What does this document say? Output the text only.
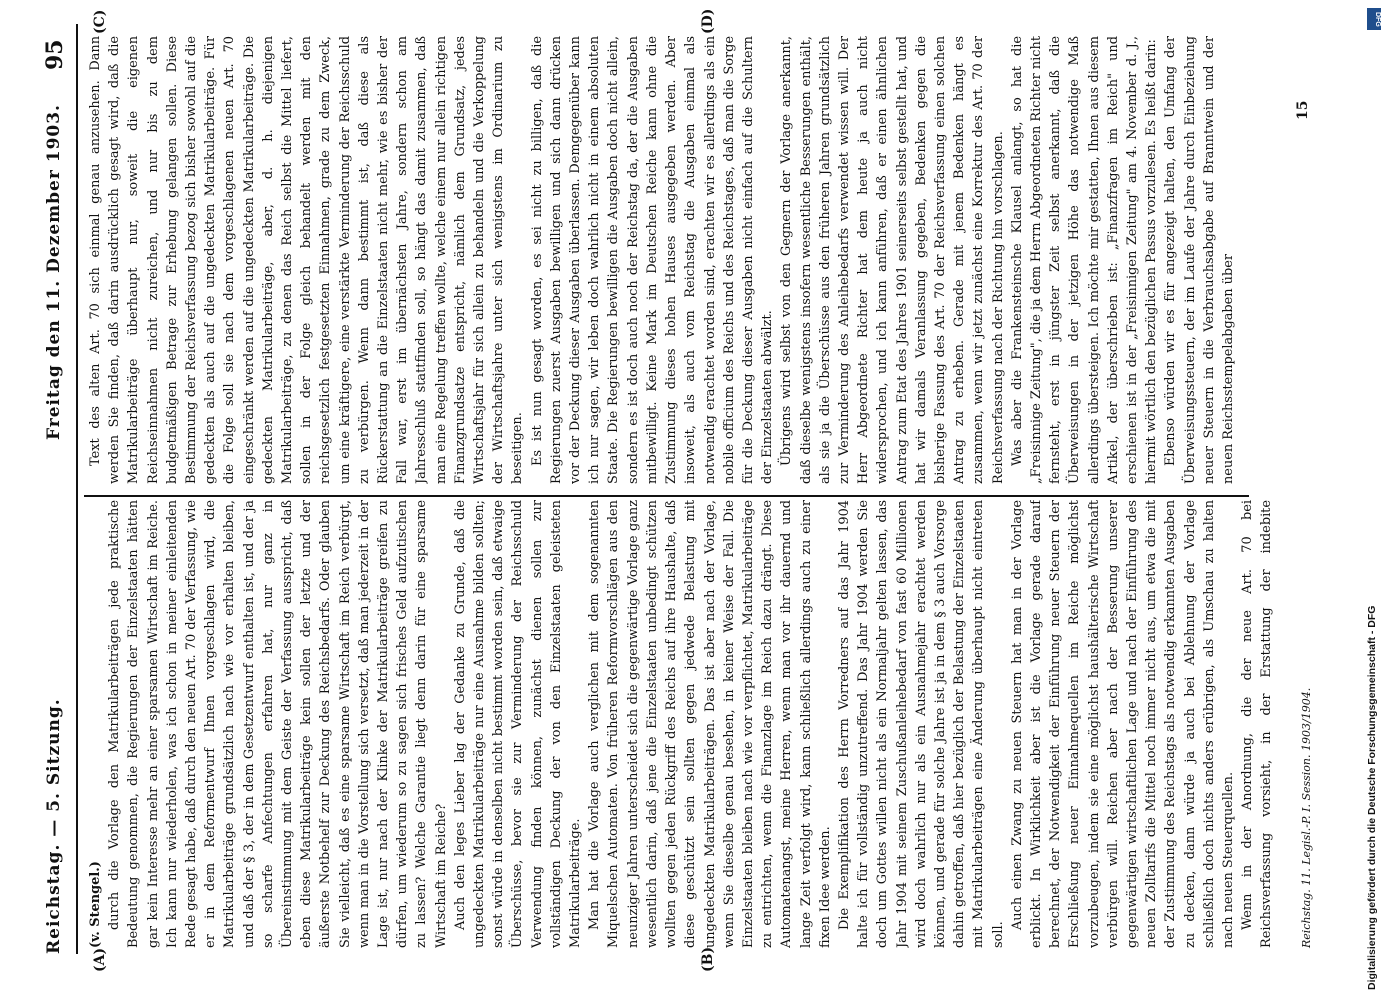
Reichstag. — 5. Sitzung.
Freitag den 11. Dezember 1903.
95
(A)	(B)
(C)	(D)

(v. Stengel.) durch die Vorlage den Matrikularbeiträgen jede praktische Bedeutung genommen, die Regierungen der Einzelstaaten hätten gar kein Interesse mehr an einer sparsamen Wirtschaft im Reiche. Ich kann nur wiederholen, was ich schon in meiner einleitenden Rede gesagt habe, daß durch den neuen Art. 70 der Verfassung, wie er in dem Reformentwurf Ihnen vorgeschlagen wird, die Matrikularbeiträge grundsätzlich nach wie vor erhalten bleiben, und daß der § 3, der in dem Gesetzentwurf enthalten ist, und der ja so scharfe Anfechtungen erfahren hat, nur ganz in Übereinstimmung mit dem Geiste der Verfassung ausspricht, daß eben diese Matrikularbeiträge kein sollen der letzte und der äußerste Notbehelf zur Deckung des Reichsbedarfs. Oder glauben Sie vielleicht, daß es eine sparsame Wirtschaft im Reich verbürgt, wenn man in die Vorstellung sich versetzt, daß man jederzeit in der Lage ist, nur nach der Klinke der Matrikularbeiträge greifen zu dürfen, um wiederum so zu sagen sich frisches Geld aufzutischen zu lassen? Welche Garantie liegt denn darin für eine sparsame Wirtschaft im Reiche? Auch den leges Lieber lag der Gedanke zu Grunde, daß die ungedeckten Matrikularbeiträge nur eine Ausnahme bilden sollten; sonst würde in denselben nicht bestimmt worden sein, daß etwaige Überschüsse, bevor sie zur Verminderung der Reichsschuld Verwendung finden können, zunächst dienen sollen zur vollständigen Deckung der von den Einzelstaaten geleisteten Matrikularbeiträge. Man hat die Vorlage auch verglichen mit dem sogenannten Miquelschen Automaten. Von früheren Reformvorschlägen aus den neunziger Jahren unterscheidet sich die gegenwärtige Vorlage ganz wesentlich darin, daß jene die Einzelstaaten unbedingt schützen wollten gegen jeden Rückgriff des Reichs auf ihre Haushalte, daß diese geschützt sein sollten gegen jedwede Belastung mit ungedeckten Matrikularbeiträgen. Das ist aber nach der Vorlage, wenn Sie dieselbe genau besehen, in keiner Weise der Fall. Die Einzelstaaten bleiben nach wie vor verpflichtet, Matrikularbeiträge zu entrichten, wenn die Finanzlage im Reich dazu drängt. Diese Automatenangst, meine Herren, wenn man vor ihr dauernd und lange Zeit verfolgt wird, kann schließlich allerdings auch zu einer fixen Idee werden. Die Exemplifikation des Herrn Vorredners auf das Jahr 1904 halte ich für vollständig unzutreffend. Das Jahr 1904 werden Sie doch um Gottes willen nicht als ein Normaljahr gelten lassen, das Jahr 1904 mit seinem Zuschußanleihebedarf von fast 60 Millionen wird doch wahrlich nur als ein Ausnahmejahr erachtet werden können, und gerade für solche Jahre ist ja in dem § 3 auch Vorsorge dahin getroffen, daß hier bezüglich der Belastung der Einzelstaaten mit Matrikularbeiträgen eine Änderung überhaupt nicht eintreten soll.

Auch einen Zwang zu neuen Steuern hat man in der Vorlage erblickt. In Wirklichkeit aber ist die Vorlage gerade darauf berechnet, der Notwendigkeit der Einführung neuer Steuern der Erschließung neuer Einnahmequellen im Reiche möglichst vorzubeugen, indem sie eine möglichst haushälterische Wirtschaft verbürgen will. Reichen aber nach der Besserung unserer gegenwärtigen wirtschaftlichen Lage und nach der Einführung des neuen Zolltarifs die Mittel noch immer nicht aus, um etwa die mit der Zustimmung des Reichstags als notwendig erkannten Ausgaben zu decken, dann würde ja auch bei Ablehnung der Vorlage schließlich doch nichts anders erübrigen, als Umschau zu halten nach neuen Steuerquellen. Wenn in der Anordnung, die der neue Art. 70 bei Reichsverfassung vorsieht, in der Erstattung der indebite

Text des alten Art. 70 sich einmal genau anzusehen. Dann werden Sie finden, daß darin ausdrücklich gesagt wird, daß die Matrikularbeiträge überhaupt nur, soweit die eigenen Reichseinnahmen nicht zureichen, und nur bis zu dem budgetmäßigen Betrage zur Erhebung gelangen sollen. Diese Bestimmung der Reichsverfassung bezog sich bisher sowohl auf die gedeckten als auch auf die ungedeckten Matrikularbeiträge. Für die Folge soll sie nach dem vorgeschlagenen neuen Art. 70 eingeschränkt werden auf die ungedeckten Matrikularbeiträge. Die gedeckten Matrikularbeiträge, aber, d. h. diejenigen Matrikularbeiträge, zu denen das Reich selbst die Mittel liefert, sollen in der Folge gleich behandelt werden mit den reichsgesetzlich festgesetzten Einnahmen, grade zu dem Zweck, um eine kräftigere, eine verstärkte Verminderung der Reichsschuld zu verbürgen. Wenn dann bestimmt ist, daß diese als Rückerstattung an die Einzelstaaten nicht mehr, wie es bisher der Fall war, erst im übernächsten Jahre, sondern schon am Jahresschluß stattfinden soll, so hängt das damit zusammen, daß man eine Regelung treffen wollte, welche einem nur allein richtigen Finanzgrundsatze entspricht, nämlich dem Grundsatz, jedes Wirtschaftsjahr für sich allein zu behandeln und die Verkoppelung der Wirtschaftsjahre unter sich wenigstens im Ordinarium zu beseitigen. Es ist nun gesagt worden, es sei nicht zu billigen, daß die Regierungen zuerst Ausgaben bewilligen und sich dann drücken vor der Deckung dieser Ausgaben überlassen. Demgegenüber kann ich nur sagen, wir leben doch wahrlich nicht in einem absoluten Staate. Die Regierungen bewilligen die Ausgaben doch nicht allein, sondern es ist doch auch noch der Reichstag da, der die Ausgaben mitbewilligt. Keine Mark im Deutschen Reiche kann ohne die Zustimmung dieses hohen Hauses ausgegeben werden. Aber insoweit, als auch vom Reichstag die Ausgaben einmal als notwendig erachtet worden sind, erachten wir es allerdings als ein nobile officium des Reichs und des Reichstages, daß man die Sorge für die Deckung dieser Ausgaben nicht einfach auf die Schultern der Einzelstaaten abwälzt. Übrigens wird selbst von den Gegnern der Vorlage anerkannt, daß dieselbe wenigstens insofern wesentliche Besserungen enthält, als sie ja die Überschüsse aus den früheren Jahren grundsätzlich zur Verminderung des Anleihebedarfs verwendet wissen will. Der Herr Abgeordnete Richter hat dem heute ja auch nicht widersprochen, und ich kann anführen, daß er einen ähnlichen Antrag zum Etat des Jahres 1901 seinerseits selbst gestellt hat, und hat wir damals Veranlassung gegeben, Bedenken gegen die bisherige Fassung des Art. 70 der Reichsverfassung einen solchen Antrag zu erheben. Gerade mit jenem Bedenken hängt es zusammen, wenn wir jetzt zunächst eine Korrektur des Art. 70 der Reichsverfassung nach der Richtung hin vorschlagen. Was aber die Frankensteinsche Klausel anlangt, so hat die „Freisinnige Zeitung", die ja dem Herrn Abgeordneten Richter nicht fernsteht, erst in jüngster Zeit selbst anerkannt, daß die Überweisungen in der jetzigen Höhe das notwendige Maß allerdings übersteigen. Ich möchte mir gestatten, Ihnen aus diesem Artikel, der überschrieben ist: „Finanzfragen im Reich" und erschienen ist in der „Freisinnigen Zeitung" am 4. November d. J., hiermit wörtlich den bezüglichen Passus vorzulesen. Es heißt darin: Ebenso würden wir es für angezeigt halten, den Umfang der Überweisungssteuern, der im Laufe der Jahre durch Einbeziehung neuer Steuern in die Verbrauchsabgabe auf Branntwein und der neuen Reichsstempelabgaben über

Reichstag. 11. Legisl.-P. I. Session. 1903/1904.
15
DFG
Digitalisierung gefördert durch die Deutsche Forschungsgemeinschaft - DFG
